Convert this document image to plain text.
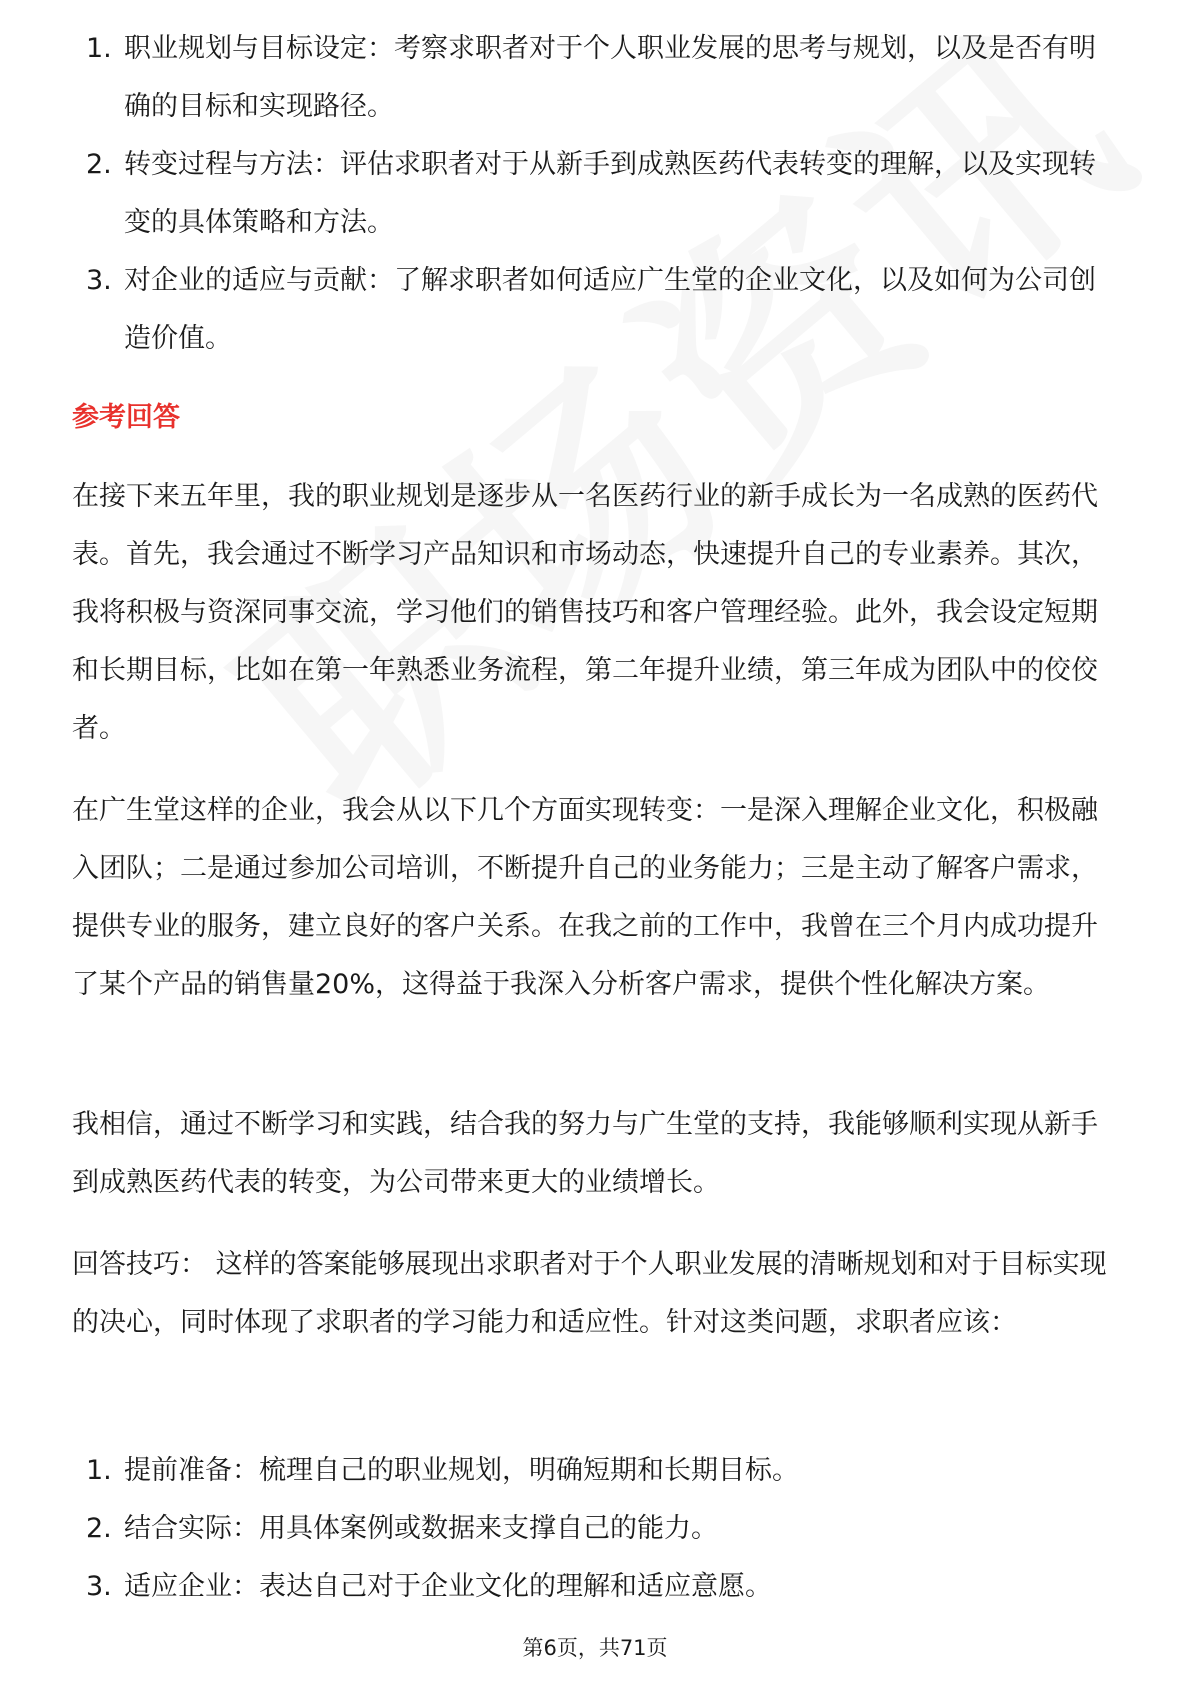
1. 职业规划与目标设定：考察求职者对于个人职业发展的思考与规划，以及是否有明确的目标和实现路径。
2. 转变过程与方法：评估求职者对于从新手到成熟医药代表转变的理解，以及实现转变的具体策略和方法。
3. 对企业的适应与贡献：了解求职者如何适应广生堂的企业文化，以及如何为公司创造价值。
参考回答

在接下来五年里，我的职业规划是逐步从一名医药行业的新手成长为一名成熟的医药代表。首先，我会通过不断学习产品知识和市场动态，快速提升自己的专业素养。其次，我将积极与资深同事交流，学习他们的销售技巧和客户管理经验。此外，我会设定短期和长期目标，比如在第一年熟悉业务流程，第二年提升业绩，第三年成为团队中的佼佼者。

在广生堂这样的企业，我会从以下几个方面实现转变：一是深入理解企业文化，积极融入团队；二是通过参加公司培训，不断提升自己的业务能力；三是主动了解客户需求，提供专业的服务，建立良好的客户关系。在我之前的工作中，我曾在三个月内成功提升了某个产品的销售量20%，这得益于我深入分析客户需求，提供个性化解决方案。

我相信，通过不断学习和实践，结合我的努力与广生堂的支持，我能够顺利实现从新手到成熟医药代表的转变，为公司带来更大的业绩增长。

回答技巧： 这样的答案能够展现出求职者对于个人职业发展的清晰规划和对于目标实现的决心，同时体现了求职者的学习能力和适应性。针对这类问题，求职者应该：

1. 提前准备：梳理自己的职业规划，明确短期和长期目标。
2. 结合实际：用具体案例或数据来支撑自己的能力。
3. 适应企业：表达自己对于企业文化的理解和适应意愿。
第6页，共71页
